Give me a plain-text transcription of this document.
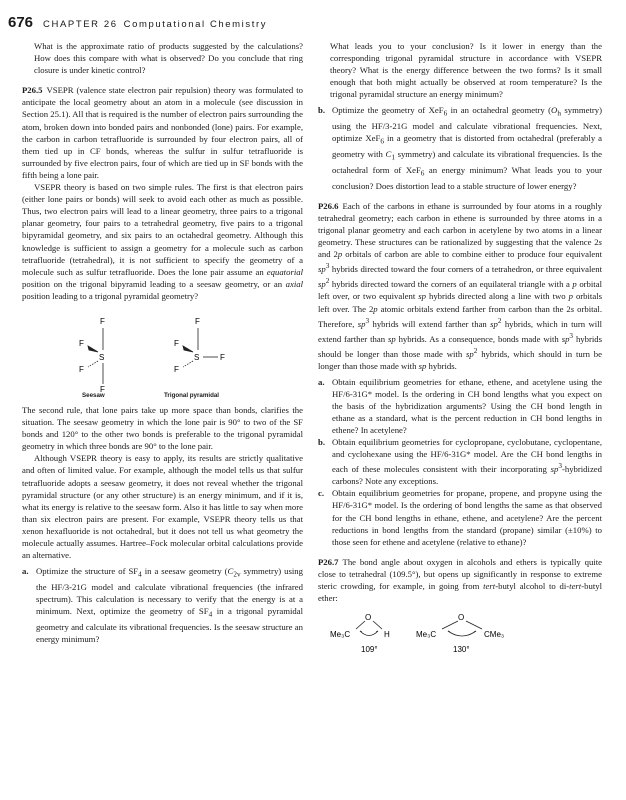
676 CHAPTER 26 Computational Chemistry

What is the approximate ratio of products suggested by the calculations? How does this compare with what is observed? Do you conclude that ring closure is under kinetic control?

P26.5 VSEPR (valence state electron pair repulsion) theory was formulated to anticipate the local geometry about an atom in a molecule (see discussion in Section 25.1). All that is required is the number of electron pairs surrounding the atom, broken down into bonded pairs and nonbonded (lone) pairs. For example, the carbon in carbon tetrafluoride is surrounded by four electron pairs, all of them tied up in CF bonds, whereas the sulfur in sulfur tetrafluoride is surrounded by five electron pairs, four of which are tied up in SF bonds with the fifth being a lone pair.

VSEPR theory is based on two simple rules. The first is that electron pairs (either lone pairs or bonds) will seek to avoid each other as much as possible. Thus, two electron pairs will lead to a linear geometry, three pairs to a trigonal planar geometry, four pairs to a tetrahedral geometry, five pairs to a trigonal bipyramidal geometry, and six pairs to an octahedral geometry. Although this knowledge is sufficient to assign a geometry for a molecule such as carbon tetrafluoride (tetrahedral), it is not sufficient to specify the geometry of a molecule such as sulfur tetrafluoride. Does the lone pair assume an equatorial position on the trigonal bipyramid leading to a seesaw geometry, or an axial position leading to a trigonal pyramidal geometry?

F
F
S
F
F
F
F
S	F
F
Seesaw	Trigonal pyramidal

The second rule, that lone pairs take up more space than bonds, clarifies the situation. The seesaw geometry in which the lone pair is 90° to two of the SF bonds and 120° to the other two bonds is preferable to the trigonal pyramidal geometry in which three bonds are 90° to the lone pair.

Although VSEPR theory is easy to apply, its results are strictly qualitative and often of limited value. For example, although the model tells us that sulfur tetrafluoride adopts a seesaw geometry, it does not reveal whether the trigonal pyramidal structure (or any other structure) is an energy minimum, and if it is, what its energy is relative to the seesaw form. Also it has little to say when more than six electron pairs are present. For example, VSEPR theory tells us that xenon hexafluoride is not octahedral, but it does not tell us what geometry the molecule actually assumes. Hartree–Fock molecular orbital calculations provide an alternative.

a. Optimize the structure of $SF_4$ in a seesaw geometry ($C_{2v}$ symmetry) using the HF/3-21G model and calculate vibrational frequencies (the infrared spectrum). This calculation is necessary to verify that the energy is at a minimum. Next, optimize the geometry of $SF_4$ in a trigonal pyramidal geometry and calculate its vibrational frequencies. Is the seesaw structure an energy minimum?

What leads you to your conclusion? Is it lower in energy than the corresponding trigonal pyramidal structure in accordance with VSEPR theory? What is the energy difference between the two forms? Is it small enough that both might actually be observed at room temperature? Is the trigonal pyramidal structure an energy minimum?

b. Optimize the geometry of XeF$_6$ in an octahedral geometry ($O_h$ symmetry) using the HF/3-21G model and calculate vibrational frequencies. Next, optimize XeF$_6$ in a geometry that is distorted from octahedral (preferably a geometry with $C_1$ symmetry) and calculate its vibrational frequencies. Is the octahedral form of XeF$_6$ an energy minimum? What leads you to your conclusion? Does distortion lead to a stable structure of lower energy?

P26.6 Each of the carbons in ethane is surrounded by four atoms in a roughly tetrahedral geometry; each carbon in ethene is surrounded by three atoms in a trigonal planar geometry and each carbon in acetylene by two atoms in a linear geometry. These structures can be rationalized by suggesting that the valence 2s and 2p orbitals of carbon are able to combine either to produce four equivalent $sp^3$ hybrids directed toward the four corners of a tetrahedron, or three equivalent $sp^2$ hybrids directed toward the corners of an equilateral triangle with a p orbital left over, or two equivalent sp hybrids directed along a line with two p orbitals left over. The 2p atomic orbitals extend farther from carbon than the 2s orbital. Therefore, $sp^3$ hybrids will extend farther than $sp^2$ hybrids, which in turn will extend farther than sp hybrids. As a consequence, bonds made with $sp^3$ hybrids should be longer than those made with $sp^2$ hybrids, which should in turn be longer than those made with sp hybrids.

a. Obtain equilibrium geometries for ethane, ethene, and acetylene using the HF/6-31G* model. Is the ordering in CH bond lengths what you expect on the basis of the hybridization arguments? Using the CH bond length in ethane as a standard, what is the percent reduction in CH bond lengths in ethene? In acetylene?
b. Obtain equilibrium geometries for cyclopropane, cyclobutane, cyclopentane, and cyclohexane using the HF/6-31G* model. Are the CH bond lengths in each of these molecules consistent with their incorporating $sp^3$-hybridized carbons? Note any exceptions.
c. Obtain equilibrium geometries for propane, propene, and propyne using the HF/6-31G* model. Is the ordering of bond lengths the same as that observed for the CH bond lengths in ethane, ethene, and acetylene? Are the percent reductions in bond lengths from the standard (propane) similar (±10%) to those seen for ethene and acetylene (relative to ethane)?

P26.7 The bond angle about oxygen in alcohols and ethers is typically quite close to tetrahedral (109.5°), but opens up significantly in response to extreme steric crowding, for example, in going from tert-butyl alcohol to di-tert-butyl ether:

O
Me₃C	H
109°
O
Me₃C	CMe₃
130°
